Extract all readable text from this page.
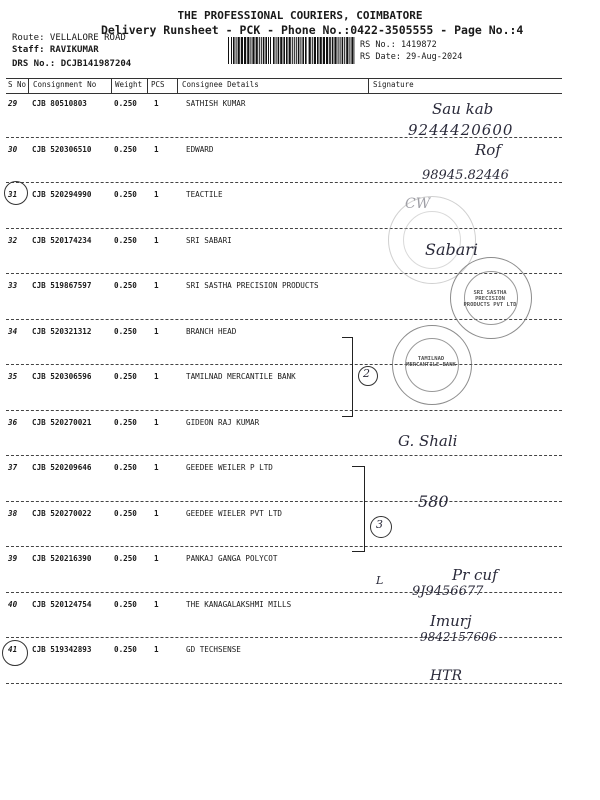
THE PROFESSIONAL COURIERS, COIMBATORE
Delivery Runsheet - PCK - Phone No.:0422-3505555 - Page No.:4
Route: VELLALORE ROAD
Staff: RAVIKUMAR
DRS No.: DCJB141987204
RS No.: 1419872
RS Date: 29-Aug-2024
S No Consignment No	Weight PCS Consignee Details	Signature
29 CJB 80510803	0.250 1	SATHISH KUMAR
30 CJB 520306510	0.250 1	EDWARD
31 CJB 520294990	0.250 1	TEACTILE
32 CJB 520174234	0.250 1	SRI SABARI
33 CJB 519867597	0.250 1	SRI SASTHA PRECISION PRODUCTS
34 CJB 520321312	0.250 1	BRANCH HEAD
35 CJB 520306596	0.250 1	TAMILNAD MERCANTILE BANK
36 CJB 520270021	0.250 1	GIDEON RAJ KUMAR
37 CJB 520209646	0.250 1	GEEDEE WEILER P LTD
38 CJB 520270022	0.250 1	GEEDEE WIELER PVT LTD
39 CJB 520216390	0.250 1	PANKAJ GANGA POLYCOT
40 CJB 520124754	0.250 1	THE KANAGALAKSHMI MILLS
41 CJB 519342893	0.250 1	GD TECHSENSE
Sau kab
9244420600
Rof
98945.82446
CW
Sabari
SRI SASTHA PRECISION PRODUCTS PVT LTD
2
TAMILNAD MERCANTILE BANK
G. Shali
3
580
L	Pr cuf
9J9456677
Imurj
9842157606
HTR
